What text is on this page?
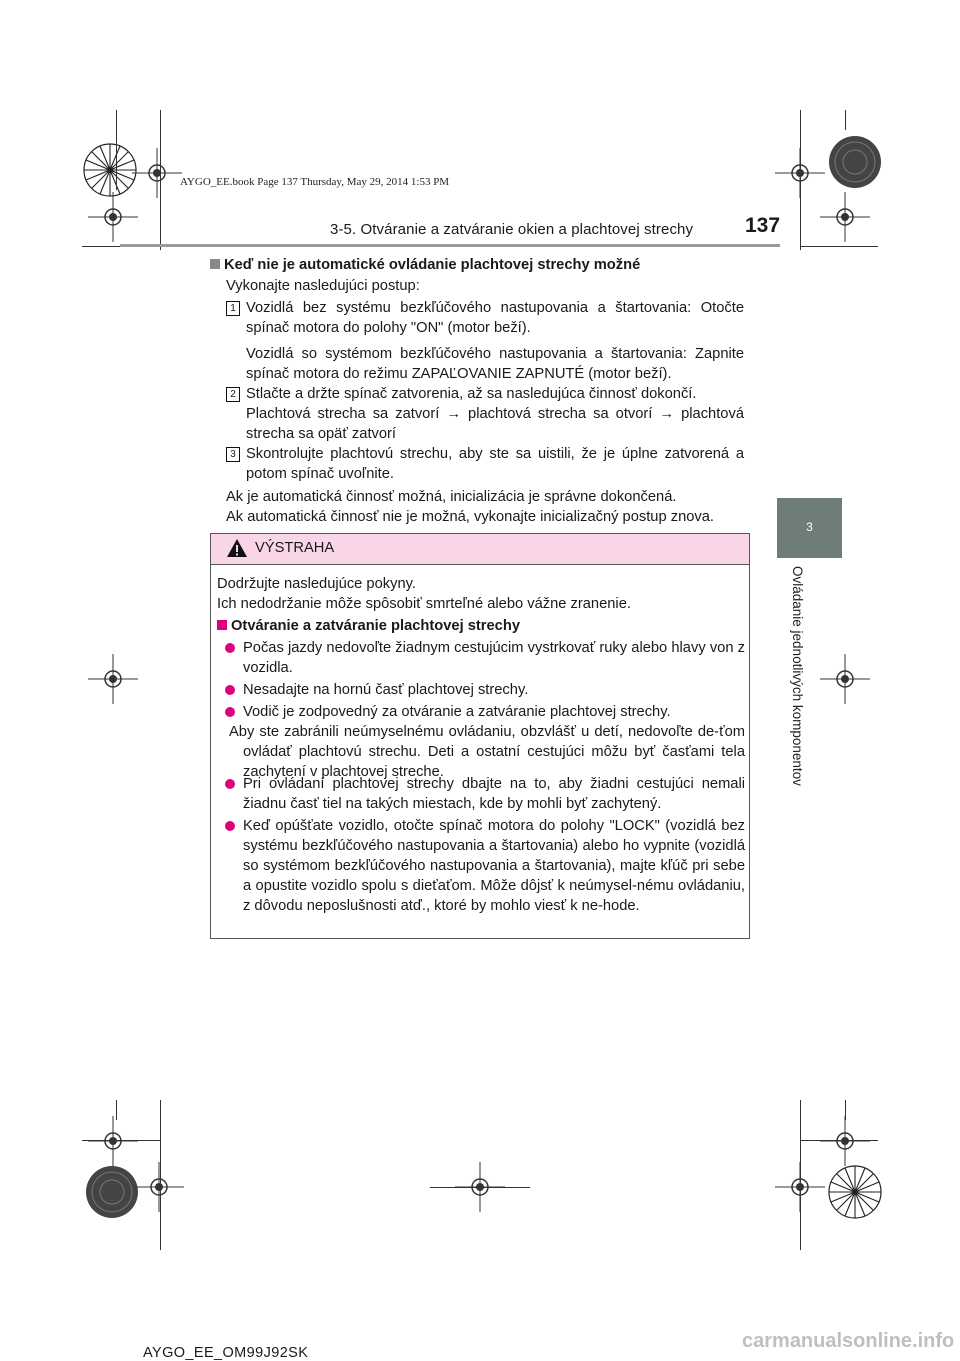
AYGO_EE.book Page 137 Thursday, May 29, 2014 1:53 PM
3-5. Otváranie a zatváranie okien a plachtovej strechy 137
3
Ovládanie jednotlivých komponentov
Keď nie je automatické ovládanie plachtovej strechy možné
Vykonajte nasledujúci postup:
1 Vozidlá bez systému bezkľúčového nastupovania a štartovania: Otočte spínač motora do polohy "ON" (motor beží).
Vozidlá so systémom bezkľúčového nastupovania a štartovania: Zapnite spínač motora do režimu ZAPAĽOVANIE ZAPNUTÉ (motor beží).
2 Stlačte a držte spínač zatvorenia, až sa nasledujúca činnosť dokončí.
Plachtová strecha sa zatvorí → plachtová strecha sa otvorí → plachtová strecha sa opäť zatvorí
3 Skontrolujte plachtovú strechu, aby ste sa uistili, že je úplne zatvorená a potom spínač uvoľnite.
Ak je automatická činnosť možná, inicializácia je správne dokončená.
Ak automatická činnosť nie je možná, vykonajte inicializačný postup znova.
VÝSTRAHA
Dodržujte nasledujúce pokyny.
Ich nedodržanie môže spôsobiť smrteľné alebo vážne zranenie.
Otváranie a zatváranie plachtovej strechy
Počas jazdy nedovoľte žiadnym cestujúcim vystrkovať ruky alebo hlavy von z vozidla.
Nesadajte na hornú časť plachtovej strechy.
Vodič je zodpovedný za otváranie a zatváranie plachtovej strechy.
Aby ste zabránili neúmyselnému ovládaniu, obzvlášť u detí, nedovoľte de-ťom ovládať plachtovú strechu. Deti a ostatní cestujúci môžu byť časťami tela zachytení v plachtovej streche.
Pri ovládaní plachtovej strechy dbajte na to, aby žiadni cestujúci nemali žiadnu časť tiel na takých miestach, kde by mohli byť zachytený.
Keď opúšťate vozidlo, otočte spínač motora do polohy "LOCK" (vozidlá bez systému bezkľúčového nastupovania a štartovania) alebo ho vypnite (vozidlá so systémom bezkľúčového nastupovania a štartovania), majte kľúč pri sebe a opustite vozidlo spolu s dieťaťom. Môže dôjsť k neúmysel-nému ovládaniu, z dôvodu neposlušnosti atď., ktoré by mohlo viesť k ne-hode.
AYGO_EE_OM99J92SK
carmanualsonline.info
